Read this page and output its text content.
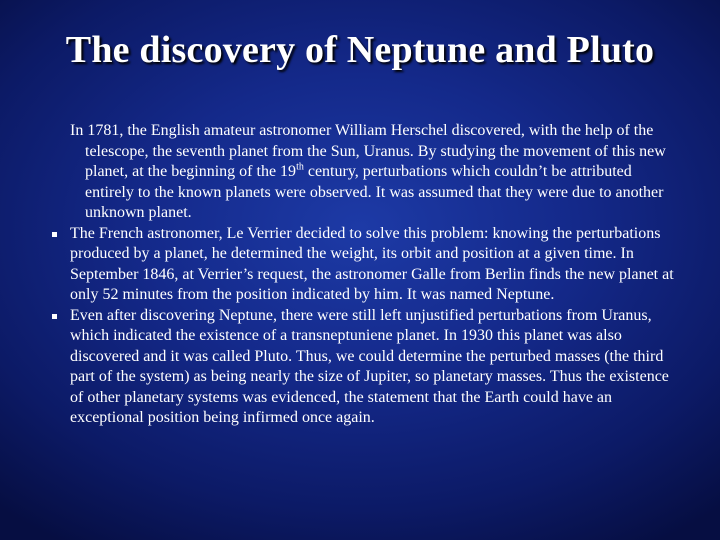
The discovery of Neptune and Pluto

In 1781, the English amateur astronomer William Herschel discovered, with the help of the telescope, the seventh planet from the Sun, Uranus. By studying the movement of this new planet, at the beginning of the 19th century, perturbations which couldn’t be attributed entirely to the known planets were observed. It was assumed that they were due to another unknown planet.

The French astronomer, Le Verrier decided to solve this problem: knowing the perturbations produced by a planet, he determined the weight, its orbit and position at a given time. In September 1846, at Verrier’s request, the astronomer Galle from Berlin finds the new planet at only 52 minutes from the position indicated by him. It was named Neptune.

Even after discovering Neptune, there were still left unjustified perturbations from Uranus, which indicated the existence of a transneptuniene planet. In 1930 this planet was also discovered and it was called Pluto. Thus, we could determine the perturbed masses (the third part of the system) as being nearly the size of Jupiter, so planetary masses. Thus the existence of other planetary systems was evidenced, the statement that the Earth could have an exceptional position being infirmed once again.
